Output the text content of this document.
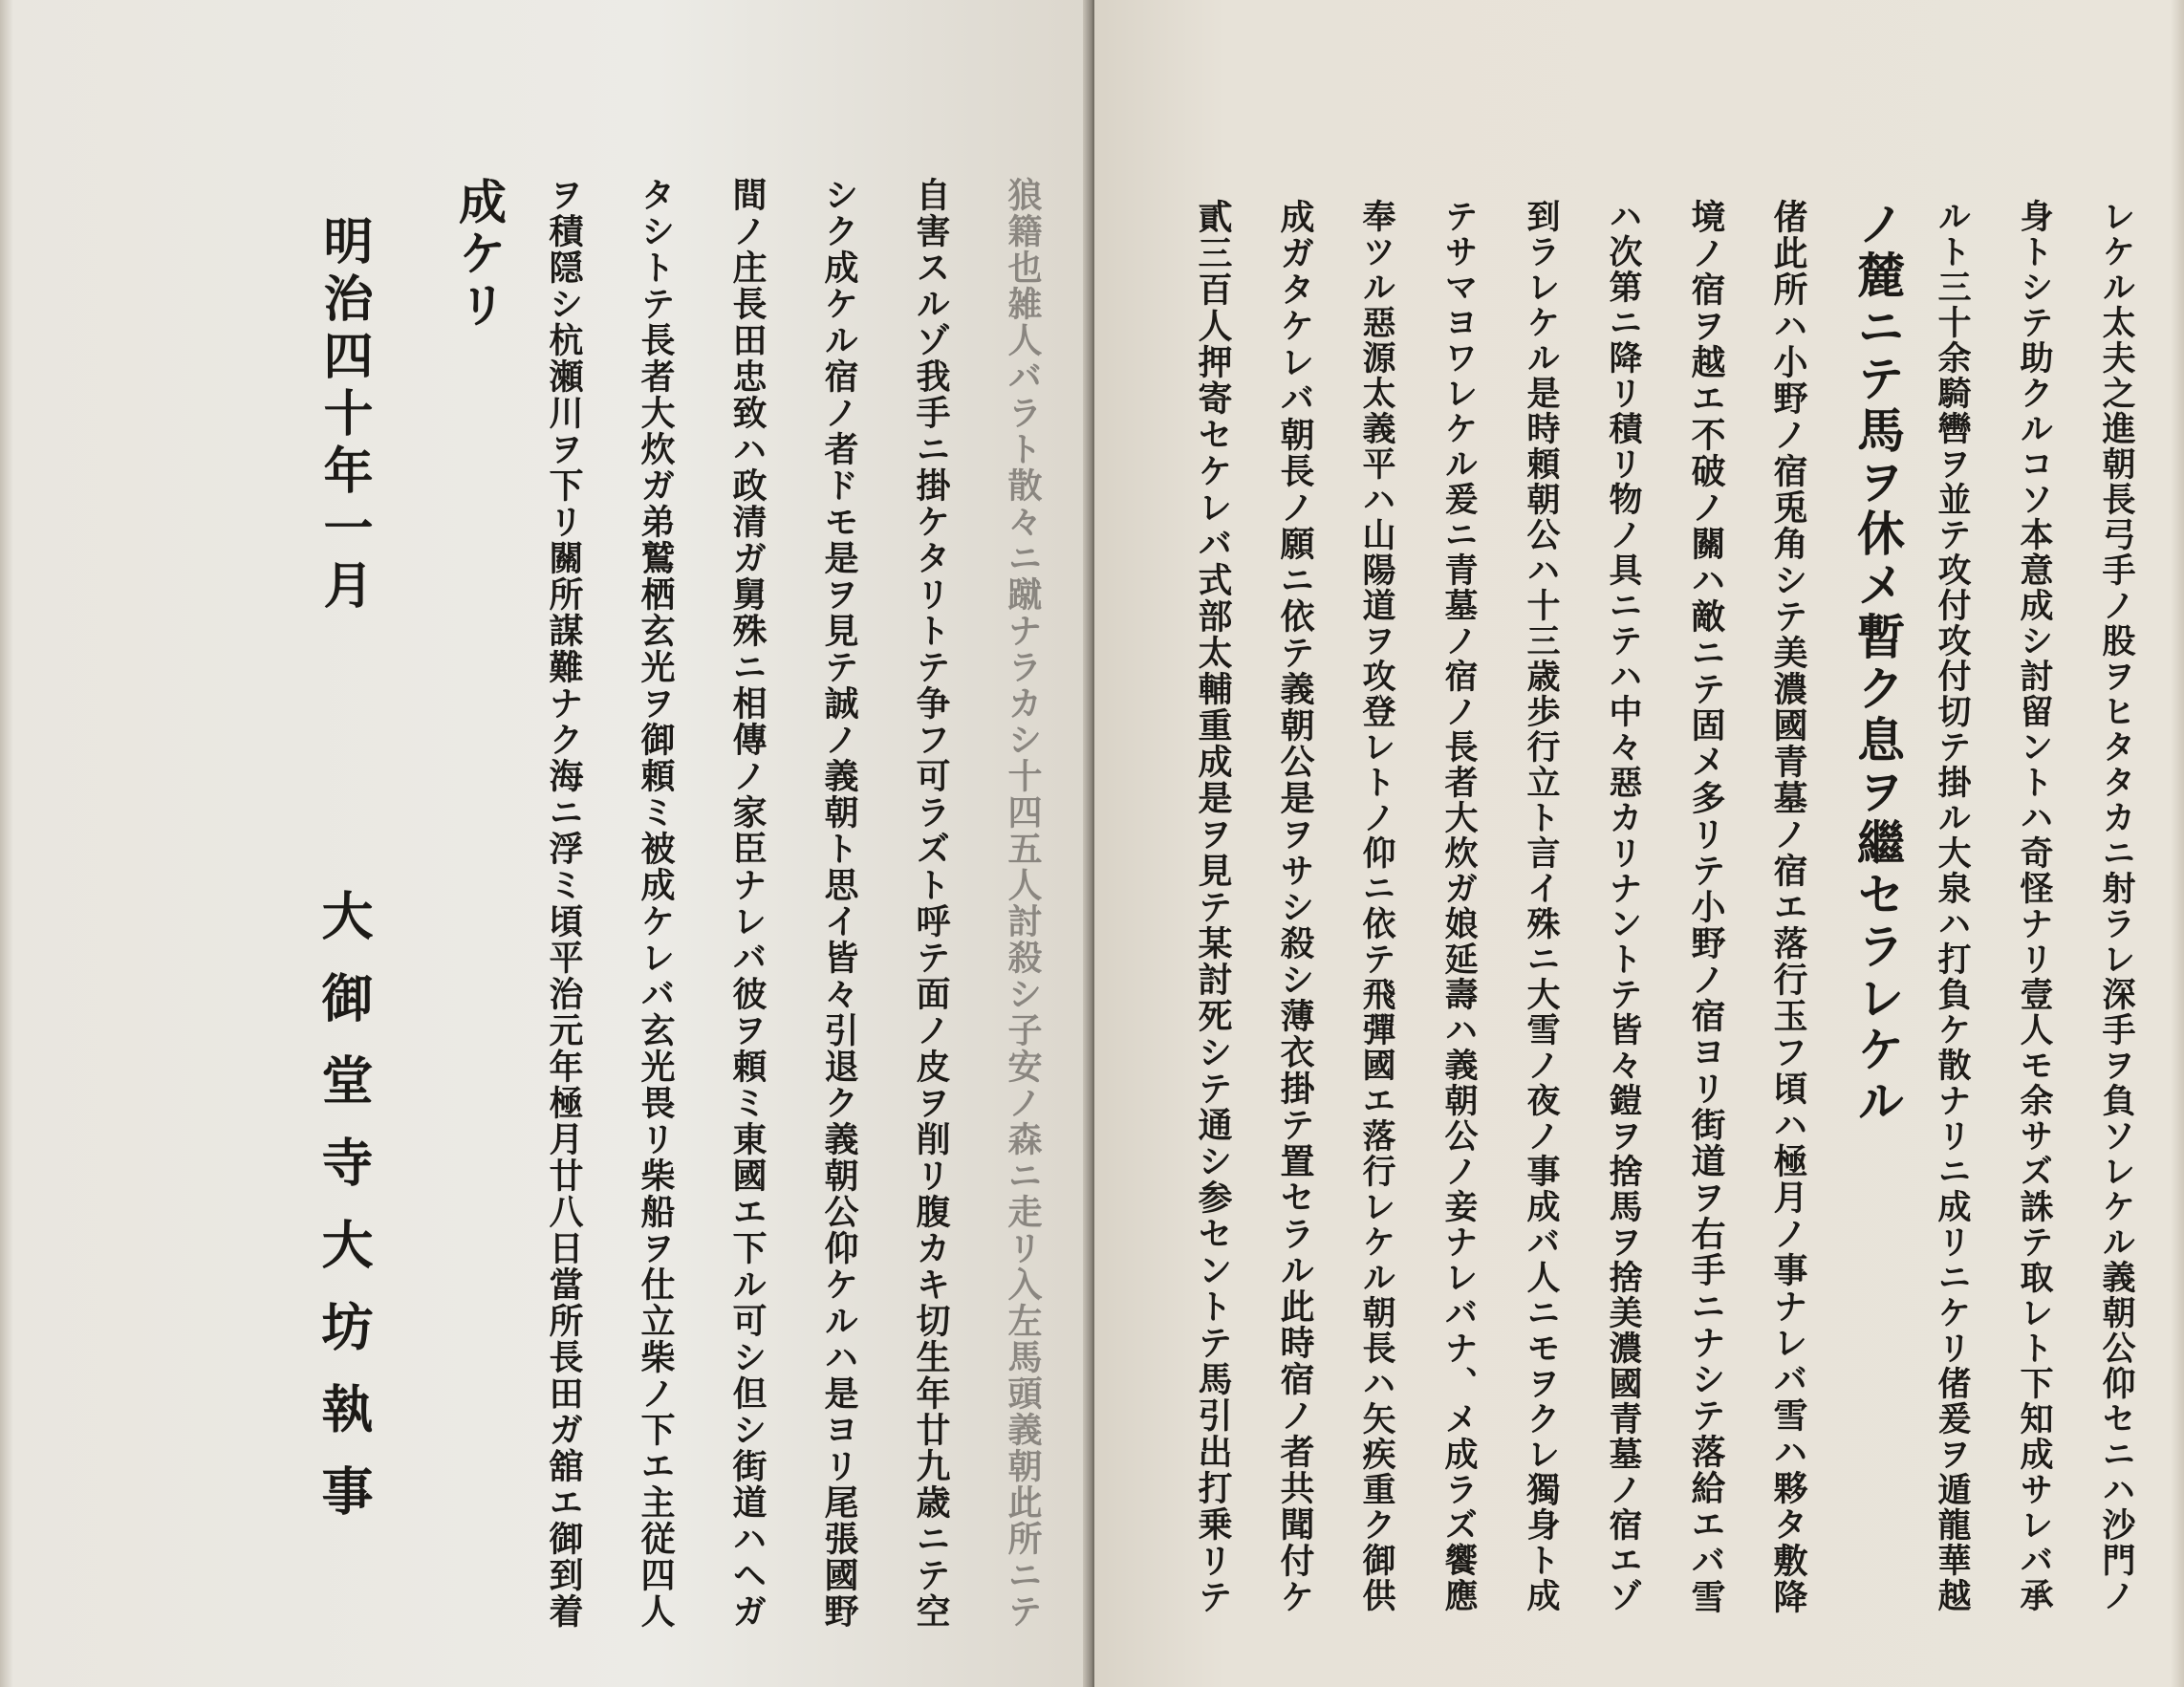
狼籍也雑人バラト散々ニ蹴ナラカシ十四五人討殺シ子安ノ森ニ走リ入左馬頭義朝此所ニテ
自害スルゾ我手ニ掛ケタリトテ争フ可ラズト呼テ面ノ皮ヲ削リ腹カキ切生年廿九歳ニテ空
シク成ケル宿ノ者ドモ是ヲ見テ誠ノ義朝ト思イ皆々引退ク義朝公仰ケルハ是ヨリ尾張國野
間ノ庄長田忠致ハ政清ガ舅殊ニ相傳ノ家臣ナレバ彼ヲ頼ミ東國エ下ル可シ但シ街道ハヘガ
タシトテ長者大炊ガ弟鷲栖玄光ヲ御頼ミ被成ケレバ玄光畏リ柴船ヲ仕立柴ノ下エ主従四人
ヲ積隠シ杭瀬川ヲ下リ關所謀難ナク海ニ浮ミ頃平治元年極月廿八日當所長田ガ舘エ御到着
成ケリ
明治四十年一月
大御堂寺大坊執事	レケル太夫之進朝長弓手ノ股ヲヒタタカニ射ラレ深手ヲ負ソレケル義朝公仰セニハ沙門ノ
身トシテ助クルコソ本意成シ討留ントハ奇怪ナリ壹人モ余サズ誅テ取レト下知成サレバ承
ルト三十余騎轡ヲ並テ攻付攻付切テ掛ル大泉ハ打負ケ散ナリニ成リニケリ偖爰ヲ遁龍華越
ノ麓ニテ馬ヲ休メ暫ク息ヲ繼セラレケル
偖此所ハ小野ノ宿兎角シテ美濃國青墓ノ宿エ落行玉フ頃ハ極月ノ事ナレバ雪ハ夥タ敷降
境ノ宿ヲ越エ不破ノ關ハ敵ニテ固メ多リテ小野ノ宿ヨリ街道ヲ右手ニナシテ落給エバ雪
ハ次第ニ降リ積リ物ノ具ニテハ中々惡カリナントテ皆々鎧ヲ捨馬ヲ捨美濃國青墓ノ宿エゾ
到ラレケル是時頼朝公ハ十三歳歩行立ト言イ殊ニ大雪ノ夜ノ事成バ人ニモヲクレ獨身ト成
テサマヨワレケル爰ニ青墓ノ宿ノ長者大炊ガ娘延壽ハ義朝公ノ妾ナレバナ、メ成ラズ饗應
奉ツル惡源太義平ハ山陽道ヲ攻登レトノ仰ニ依テ飛彈國エ落行レケル朝長ハ矢疾重ク御供
成ガタケレバ朝長ノ願ニ依テ義朝公是ヲサシ殺シ薄衣掛テ置セラル此時宿ノ者共聞付ケ
貳三百人押寄セケレバ式部太輔重成是ヲ見テ某討死シテ通シ参セントテ馬引出打乗リテ
